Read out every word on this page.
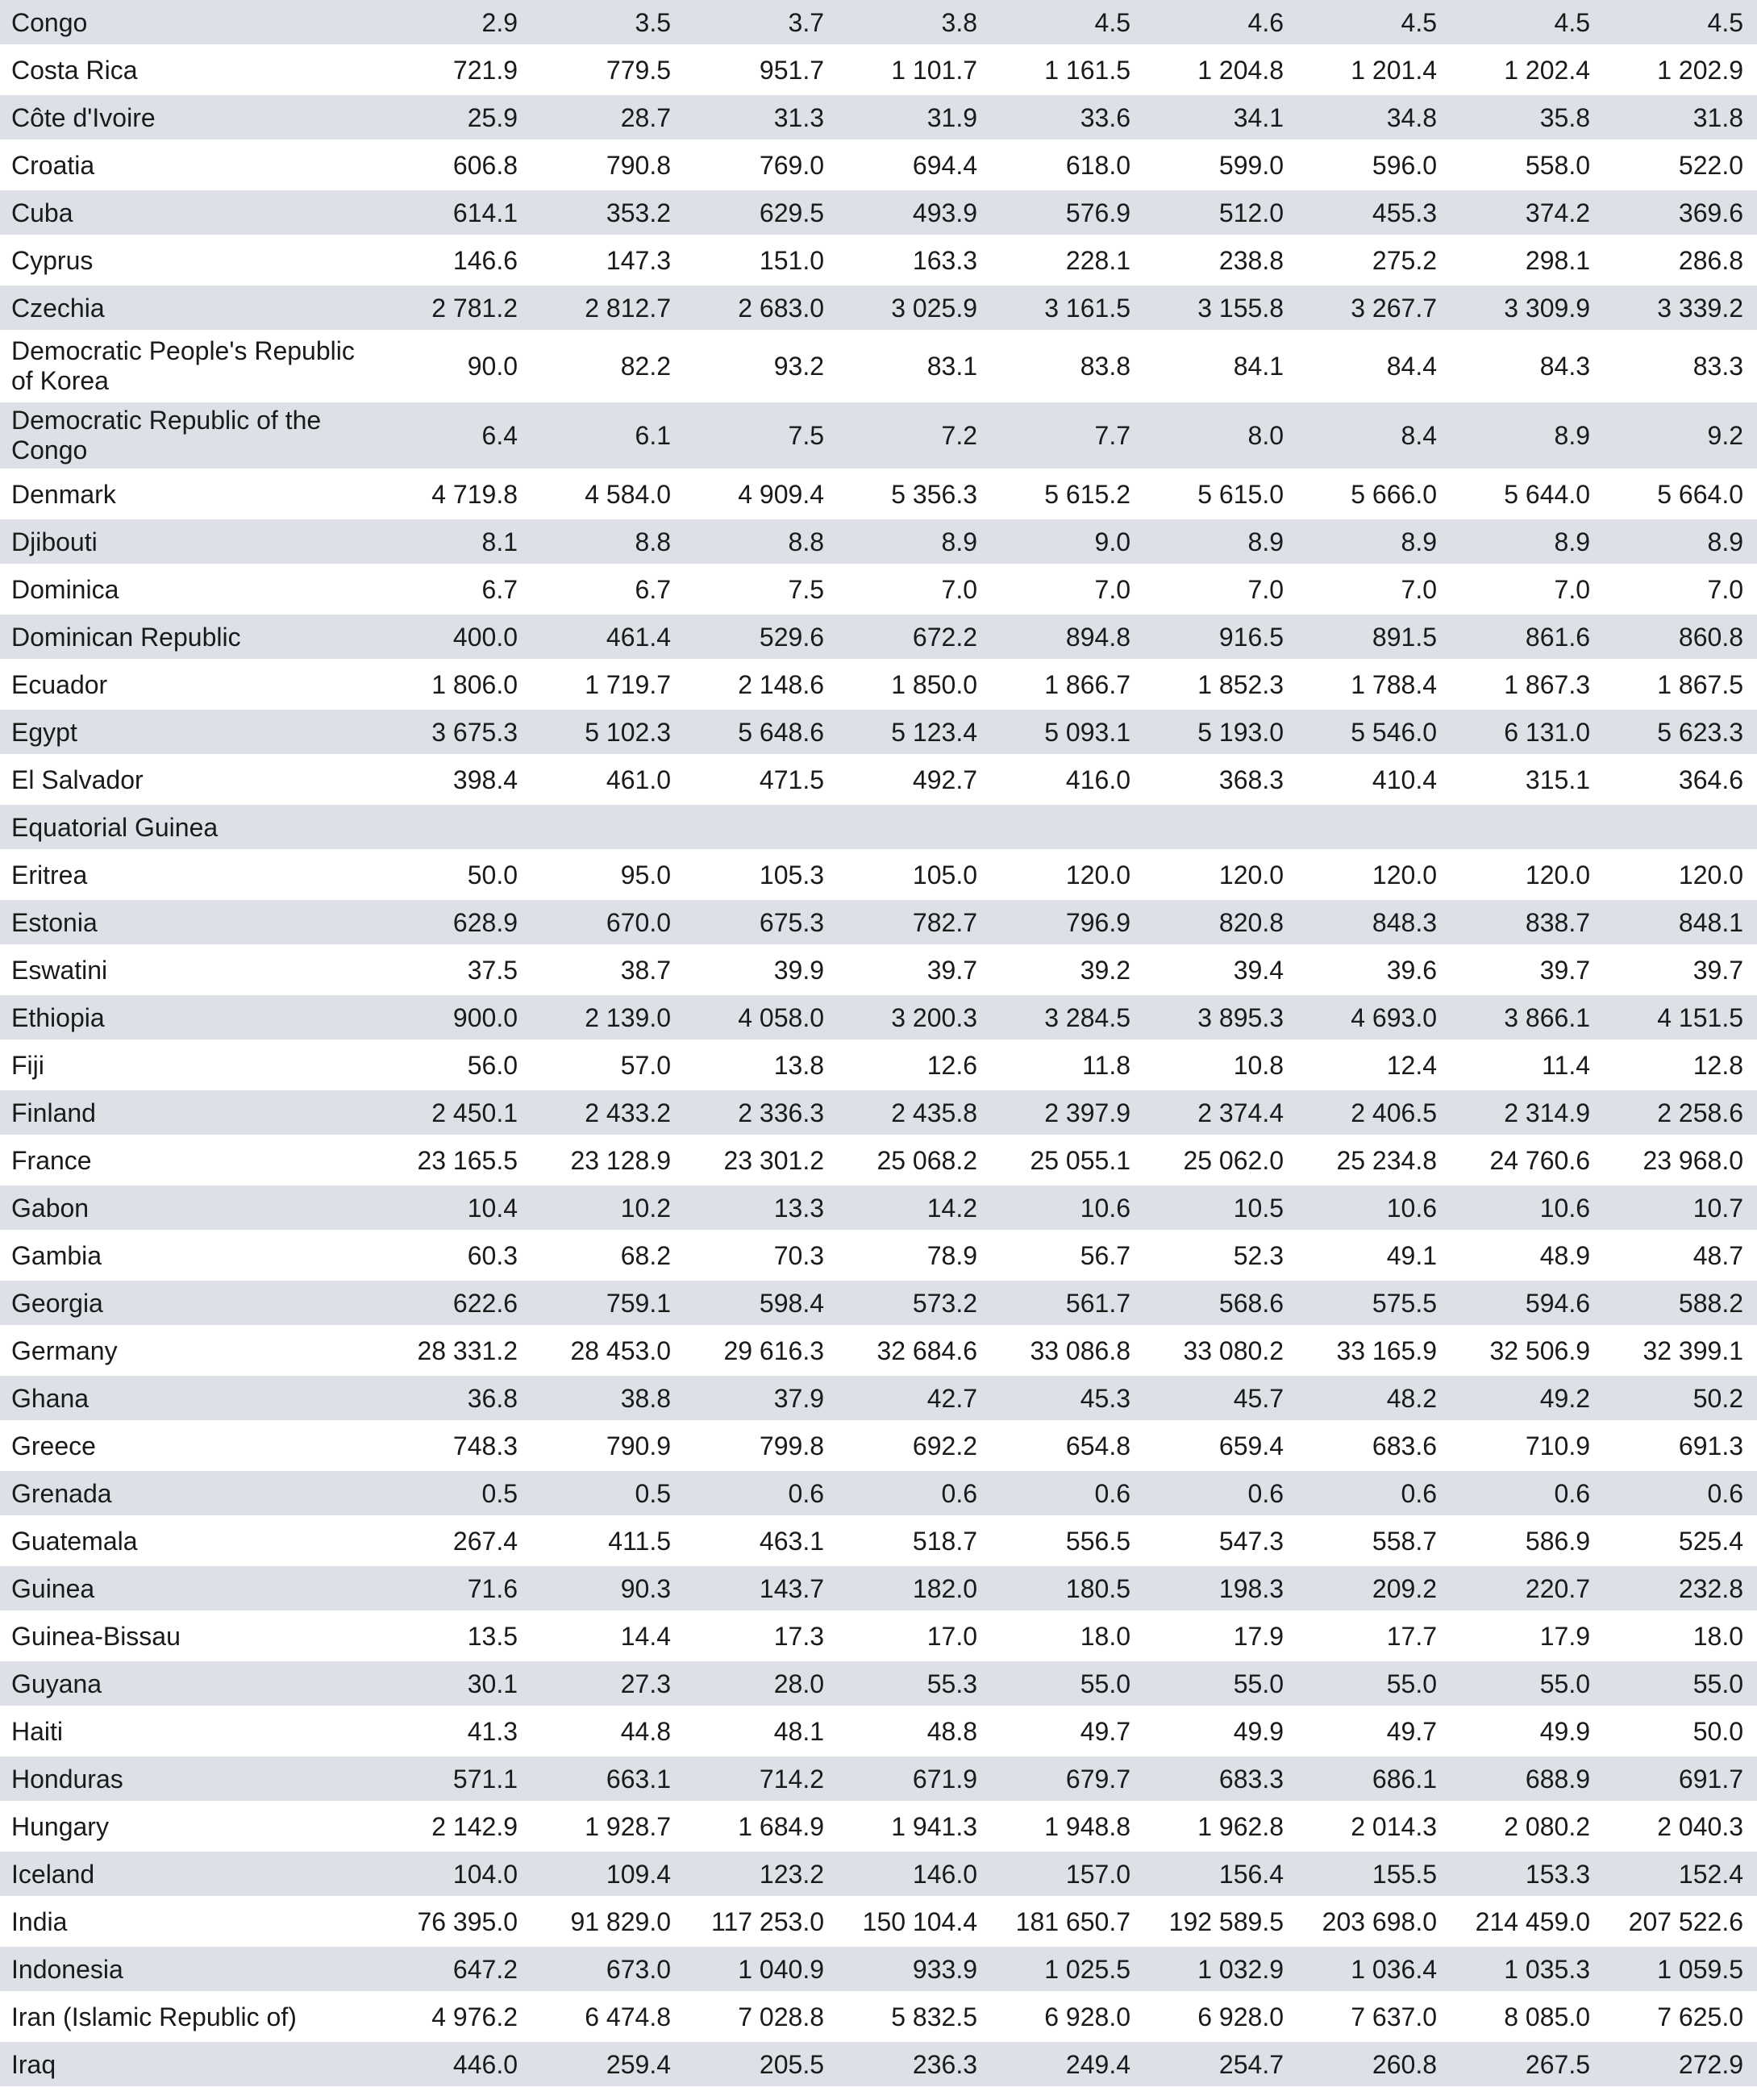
Congo	2.9	3.5	3.7	3.8	4.5	4.6	4.5	4.5	4.5
Costa Rica	721.9	779.5	951.7	1 101.7	1 161.5	1 204.8	1 201.4	1 202.4	1 202.9
Côte d'Ivoire	25.9	28.7	31.3	31.9	33.6	34.1	34.8	35.8	31.8
Croatia	606.8	790.8	769.0	694.4	618.0	599.0	596.0	558.0	522.0
Cuba	614.1	353.2	629.5	493.9	576.9	512.0	455.3	374.2	369.6
Cyprus	146.6	147.3	151.0	163.3	228.1	238.8	275.2	298.1	286.8
Czechia	2 781.2	2 812.7	2 683.0	3 025.9	3 161.5	3 155.8	3 267.7	3 309.9	3 339.2
Democratic People's Republic of Korea	90.0	82.2	93.2	83.1	83.8	84.1	84.4	84.3	83.3
Democratic Republic of the Congo	6.4	6.1	7.5	7.2	7.7	8.0	8.4	8.9	9.2
Denmark	4 719.8	4 584.0	4 909.4	5 356.3	5 615.2	5 615.0	5 666.0	5 644.0	5 664.0
Djibouti	8.1	8.8	8.8	8.9	9.0	8.9	8.9	8.9	8.9
Dominica	6.7	6.7	7.5	7.0	7.0	7.0	7.0	7.0	7.0
Dominican Republic	400.0	461.4	529.6	672.2	894.8	916.5	891.5	861.6	860.8
Ecuador	1 806.0	1 719.7	2 148.6	1 850.0	1 866.7	1 852.3	1 788.4	1 867.3	1 867.5
Egypt	3 675.3	5 102.3	5 648.6	5 123.4	5 093.1	5 193.0	5 546.0	6 131.0	5 623.3
El Salvador	398.4	461.0	471.5	492.7	416.0	368.3	410.4	315.1	364.6
Equatorial Guinea									
Eritrea	50.0	95.0	105.3	105.0	120.0	120.0	120.0	120.0	120.0
Estonia	628.9	670.0	675.3	782.7	796.9	820.8	848.3	838.7	848.1
Eswatini	37.5	38.7	39.9	39.7	39.2	39.4	39.6	39.7	39.7
Ethiopia	900.0	2 139.0	4 058.0	3 200.3	3 284.5	3 895.3	4 693.0	3 866.1	4 151.5
Fiji	56.0	57.0	13.8	12.6	11.8	10.8	12.4	11.4	12.8
Finland	2 450.1	2 433.2	2 336.3	2 435.8	2 397.9	2 374.4	2 406.5	2 314.9	2 258.6
France	23 165.5	23 128.9	23 301.2	25 068.2	25 055.1	25 062.0	25 234.8	24 760.6	23 968.0
Gabon	10.4	10.2	13.3	14.2	10.6	10.5	10.6	10.6	10.7
Gambia	60.3	68.2	70.3	78.9	56.7	52.3	49.1	48.9	48.7
Georgia	622.6	759.1	598.4	573.2	561.7	568.6	575.5	594.6	588.2
Germany	28 331.2	28 453.0	29 616.3	32 684.6	33 086.8	33 080.2	33 165.9	32 506.9	32 399.1
Ghana	36.8	38.8	37.9	42.7	45.3	45.7	48.2	49.2	50.2
Greece	748.3	790.9	799.8	692.2	654.8	659.4	683.6	710.9	691.3
Grenada	0.5	0.5	0.6	0.6	0.6	0.6	0.6	0.6	0.6
Guatemala	267.4	411.5	463.1	518.7	556.5	547.3	558.7	586.9	525.4
Guinea	71.6	90.3	143.7	182.0	180.5	198.3	209.2	220.7	232.8
Guinea-Bissau	13.5	14.4	17.3	17.0	18.0	17.9	17.7	17.9	18.0
Guyana	30.1	27.3	28.0	55.3	55.0	55.0	55.0	55.0	55.0
Haiti	41.3	44.8	48.1	48.8	49.7	49.9	49.7	49.9	50.0
Honduras	571.1	663.1	714.2	671.9	679.7	683.3	686.1	688.9	691.7
Hungary	2 142.9	1 928.7	1 684.9	1 941.3	1 948.8	1 962.8	2 014.3	2 080.2	2 040.3
Iceland	104.0	109.4	123.2	146.0	157.0	156.4	155.5	153.3	152.4
India	76 395.0	91 829.0	117 253.0	150 104.4	181 650.7	192 589.5	203 698.0	214 459.0	207 522.6
Indonesia	647.2	673.0	1 040.9	933.9	1 025.5	1 032.9	1 036.4	1 035.3	1 059.5
Iran (Islamic Republic of)	4 976.2	6 474.8	7 028.8	5 832.5	6 928.0	6 928.0	7 637.0	8 085.0	7 625.0
Iraq	446.0	259.4	205.5	236.3	249.4	254.7	260.8	267.5	272.9
